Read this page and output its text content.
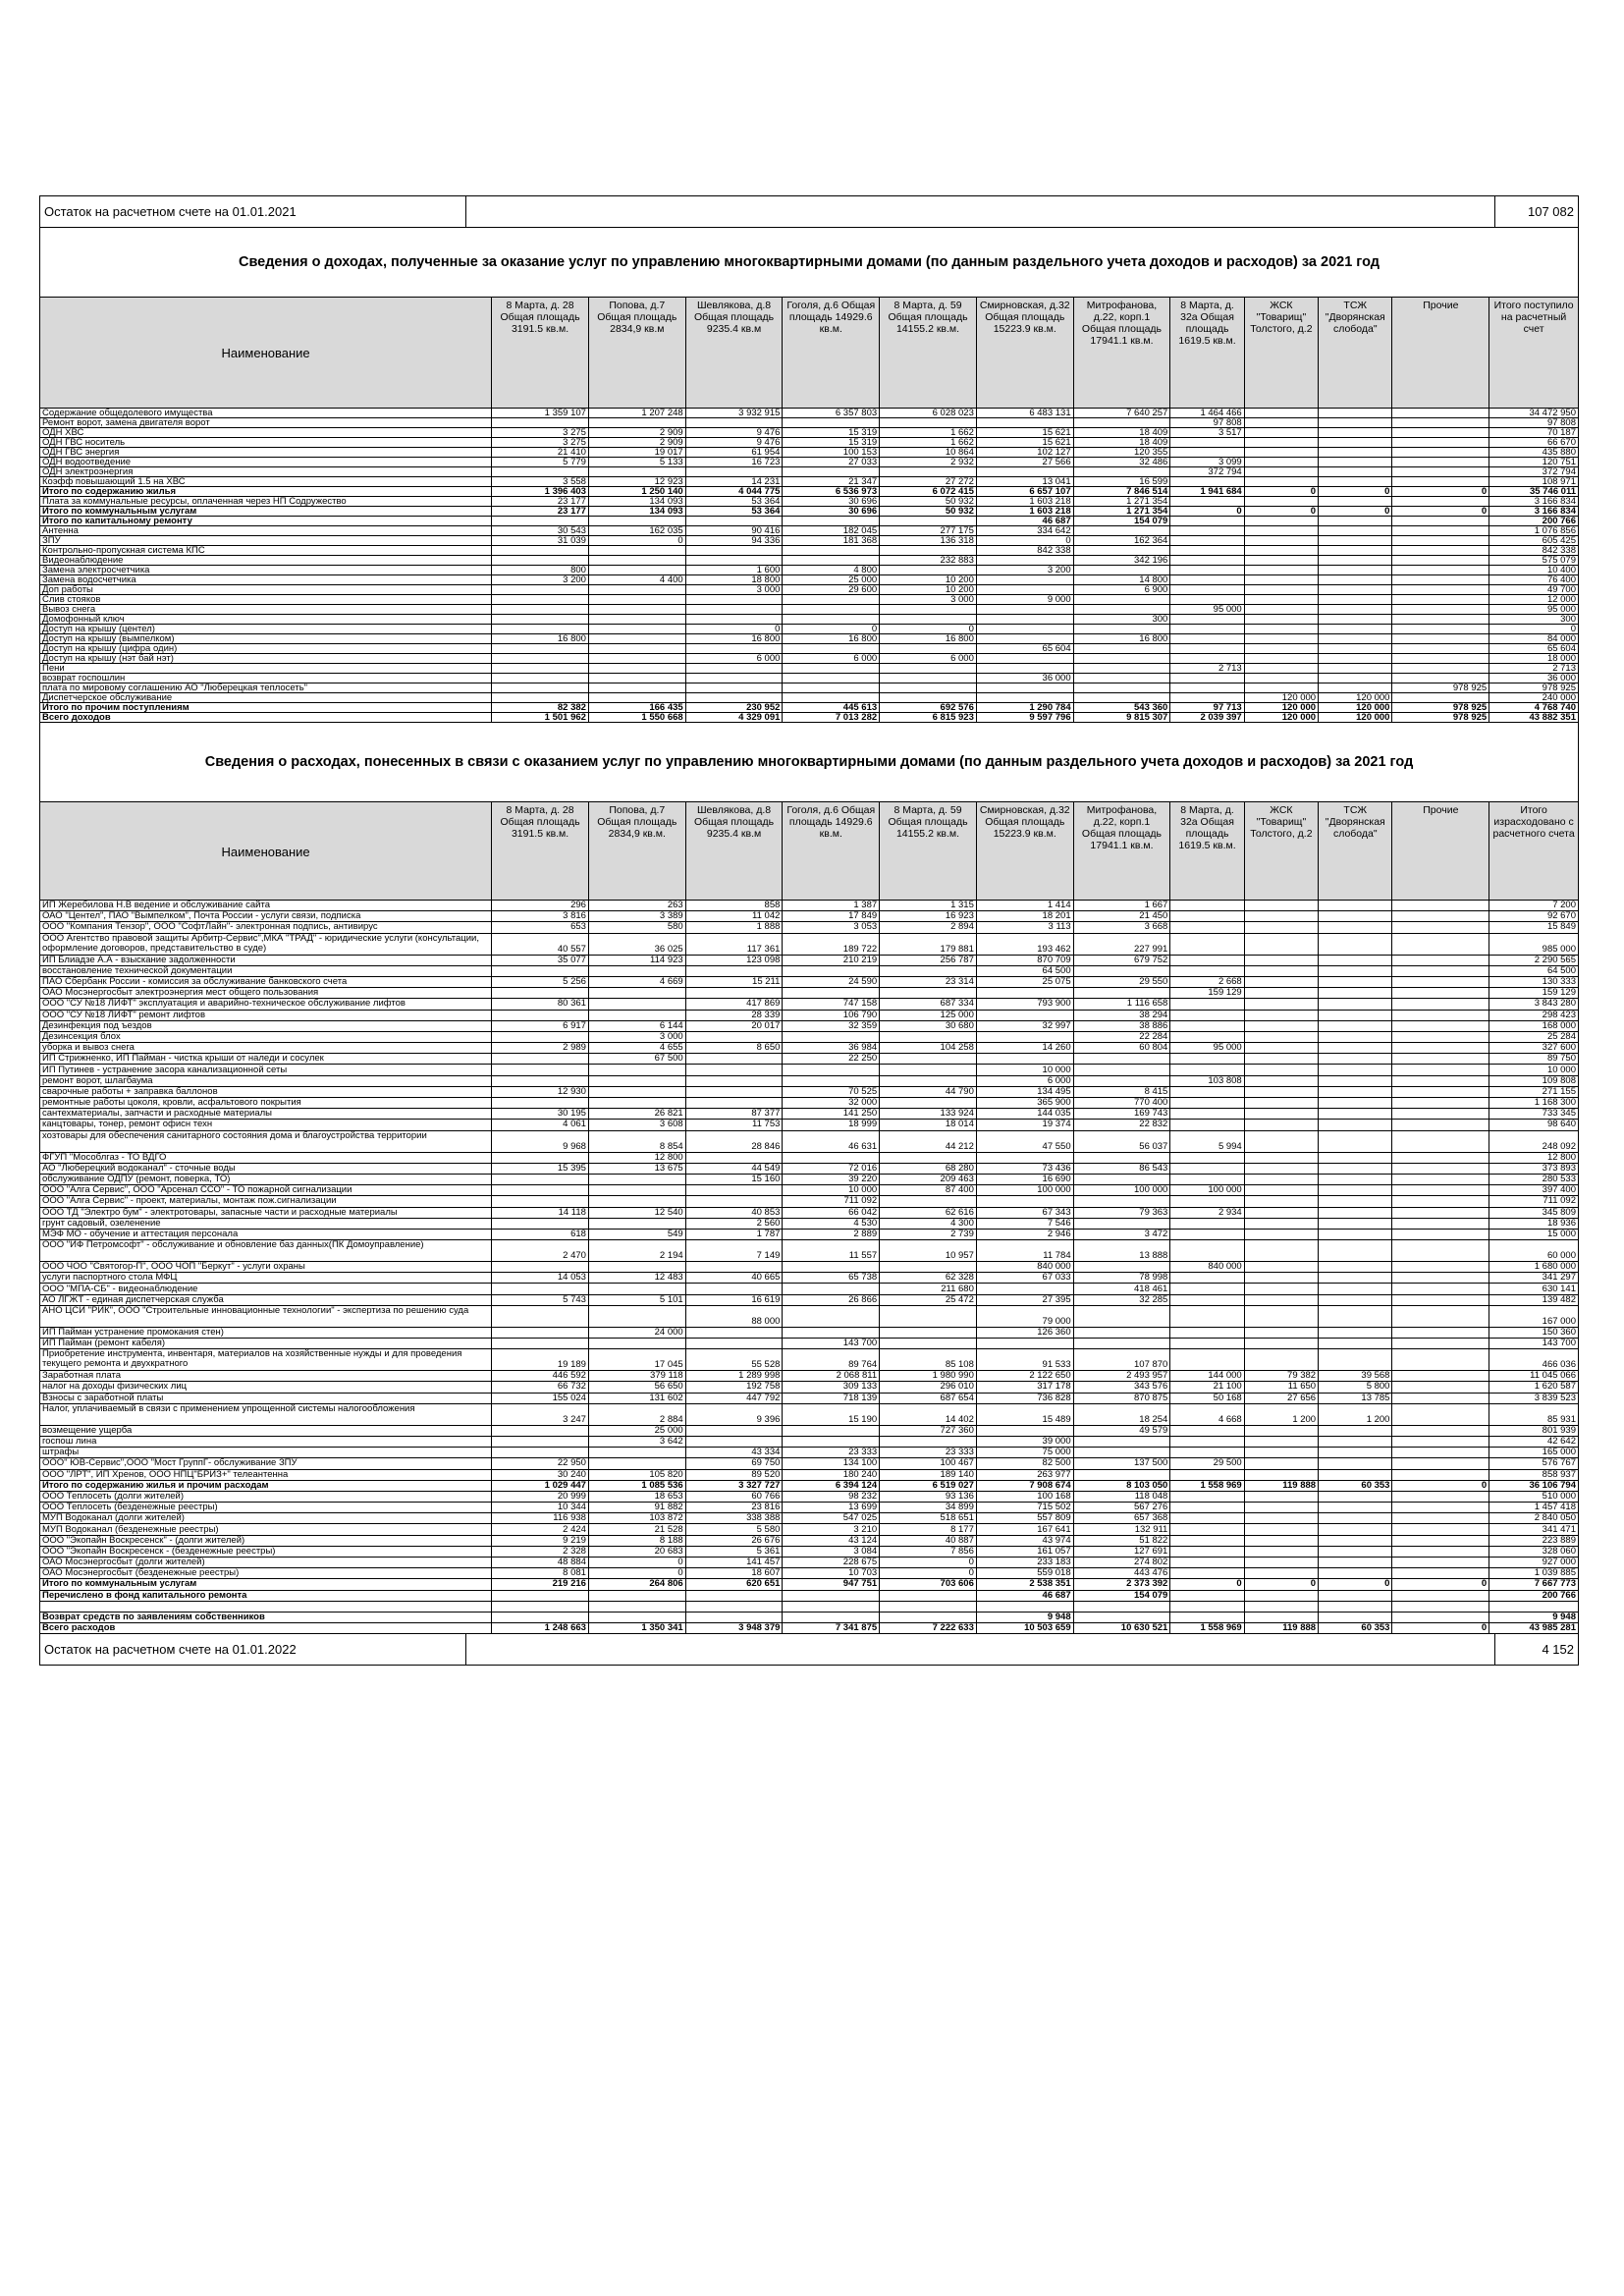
Остаток на расчетном счете на 01.01.2021	107 082
Сведения о доходах, полученные за оказание услуг по управлению многоквартирными домами (по данным раздельного учета доходов и расходов) за 2021 год
Наименование	8 Марта, д. 28 Общая площадь 3191.5 кв.м.	Попова, д.7 Общая площадь 2834,9 кв.м	Шевлякова, д.8 Общая площадь 9235.4 кв.м	Гоголя, д.6 Общая площадь 14929.6 кв.м.	8 Марта, д. 59 Общая площадь 14155.2 кв.м.	Смирновская, д.32 Общая площадь 15223.9 кв.м.	Митрофанова, д.22, корп.1 Общая площадь 17941.1 кв.м.	8 Марта, д. 32а Общая площадь 1619.5 кв.м.	ЖСК "Товарищ" Толстого, д.2	ТСЖ "Дворянская слобода"	Прочие	Итого поступило на расчетный счет
Содержание общедолевого имущества	1 359 107	1 207 248	3 932 915	6 357 803	6 028 023	6 483 131	7 640 257	1 464 466				34 472 950
Ремонт ворот, замена двигателя ворот								97 808				97 808
ОДН ХВС	3 275	2 909	9 476	15 319	1 662	15 621	18 409	3 517				70 187
ОДН ГВС носитель	3 275	2 909	9 476	15 319	1 662	15 621	18 409					66 670
ОДН ГВС энергия	21 410	19 017	61 954	100 153	10 864	102 127	120 355					435 880
ОДН водоотведение	5 779	5 133	16 723	27 033	2 932	27 566	32 486	3 099				120 751
ОДН электроэнергия								372 794				372 794
Коэфф повышающий 1.5 на ХВС	3 558	12 923	14 231	21 347	27 272	13 041	16 599					108 971
Итого по содержанию жилья	1 396 403	1 250 140	4 044 775	6 536 973	6 072 415	6 657 107	7 846 514	1 941 684	0	0	0	35 746 011
Плата за коммунальные ресурсы, оплаченная через НП Содружество	23 177	134 093	53 364	30 696	50 932	1 603 218	1 271 354					3 166 834
Итого по коммунальным услугам	23 177	134 093	53 364	30 696	50 932	1 603 218	1 271 354	0	0	0	0	3 166 834
Итого по капитальному ремонту						46 687	154 079					200 766
Антенна	30 543	162 035	90 416	182 045	277 175	334 642						1 076 856
ЗПУ	31 039	0	94 336	181 368	136 318	0	162 364					605 425
Контрольно-пропускная система КПС						842 338						842 338
Видеонаблюдение					232 883		342 196					575 079
Замена электросчетчика	800		1 600	4 800		3 200						10 400
Замена водосчетчика	3 200	4 400	18 800	25 000	10 200		14 800					76 400
Доп работы			3 000	29 600	10 200		6 900					49 700
Слив стояков					3 000	9 000						12 000
Вывоз снега								95 000				95 000
Домофонный ключ							300					300
Доступ на крышу (центел)			0	0	0							0
Доступ на крышу (вымпелком)	16 800		16 800	16 800	16 800		16 800					84 000
Доступ на крышу (цифра один)						65 604						65 604
Доступ на крышу (нэт бай нэт)			6 000	6 000	6 000							18 000
Пени								2 713				2 713
возврат госпошлин						36 000						36 000
плата по мировому соглашению АО "Люберецкая теплосеть"											978 925	978 925
Диспетчерское обслуживание									120 000	120 000		240 000
Итого по прочим поступлениям	82 382	166 435	230 952	445 613	692 576	1 290 784	543 360	97 713	120 000	120 000	978 925	4 768 740
Всего доходов	1 501 962	1 550 668	4 329 091	7 013 282	6 815 923	9 597 796	9 815 307	2 039 397	120 000	120 000	978 925	43 882 351
Сведения о расходах, понесенных в связи с оказанием услуг по управлению многоквартирными домами (по данным раздельного учета доходов и расходов) за 2021 год
Наименование	8 Марта, д. 28 Общая площадь 3191.5 кв.м.	Попова, д.7 Общая площадь 2834,9 кв.м.	Шевлякова, д.8 Общая площадь 9235.4 кв.м	Гоголя, д.6 Общая площадь 14929.6 кв.м.	8 Марта, д. 59 Общая площадь 14155.2 кв.м.	Смирновская, д.32 Общая площадь 15223.9 кв.м.	Митрофанова, д.22, корп.1 Общая площадь 17941.1 кв.м.	8 Марта, д. 32а Общая площадь 1619.5 кв.м.	ЖСК "Товарищ" Толстого, д.2	ТСЖ "Дворянская слобода"	Прочие	Итого израсходовано с расчетного счета
ИП Жеребилова Н.В ведение и обслуживание сайта	296	263	858	1 387	1 315	1 414	1 667					7 200
ОАО "Центел", ПАО "Вымпелком", Почта России - услуги связи, подписка	3 816	3 389	11 042	17 849	16 923	18 201	21 450					92 670
ООО "Компания Тензор", ООО "СофтЛайн"- электронная подпись, антивирус	653	580	1 888	3 053	2 894	3 113	3 668					15 849
ООО Агентство правовой защиты Арбитр-Сервис",МКА "ТРАД" - юридические услуги (консультации, оформление договоров, представительство в суде)	40 557	36 025	117 361	189 722	179 881	193 462	227 991					985 000
ИП Блиадзе А.А - взыскание задолженности	35 077	114 923	123 098	210 219	256 787	870 709	679 752					2 290 565
восстановление технической документации						64 500						64 500
ПАО Сбербанк России - комиссия за обслуживание банковского счета	5 256	4 669	15 211	24 590	23 314	25 075	29 550	2 668				130 333
ОАО Мосэнергосбыт электроэнергия мест общего пользования								159 129				159 129
ООО "СУ №18 ЛИФТ" эксплуатация и аварийно-техническое обслуживание лифтов	80 361		417 869	747 158	687 334	793 900	1 116 658					3 843 280
ООО "СУ №18 ЛИФТ" ремонт лифтов			28 339	106 790	125 000		38 294					298 423
Дезинфекция под ъездов	6 917	6 144	20 017	32 359	30 680	32 997	38 886					168 000
Дезинсекция блох		3 000					22 284					25 284
уборка и вывоз снега	2 989	4 655	8 650	36 984	104 258	14 260	60 804	95 000				327 600
ИП Стрижненко, ИП Пайман - чистка крыши от наледи и сосулек		67 500		22 250								89 750
ИП Путинев - устранение засора канализационной сеты						10 000						10 000
ремонт ворот, шлагбаума						6 000		103 808				109 808
сварочные работы + заправка баллонов	12 930			70 525	44 790	134 495	8 415					271 155
ремонтные работы цоколя, кровли, асфальтового покрытия				32 000		365 900	770 400					1 168 300
сантехматериалы, запчасти и расходные материалы	30 195	26 821	87 377	141 250	133 924	144 035	169 743					733 345
канцтовары, тонер, ремонт офисн техн	4 061	3 608	11 753	18 999	18 014	19 374	22 832					98 640
хозтовары для обеспечения санитарного состояния дома и благоустройства территории	9 968	8 854	28 846	46 631	44 212	47 550	56 037	5 994				248 092
ФГУП "Мособлгаз - ТО ВДГО		12 800										12 800
АО "Люберецкий водоканал" - сточные воды	15 395	13 675	44 549	72 016	68 280	73 436	86 543					373 893
обслуживание ОДПУ (ремонт, поверка, ТО)			15 160	39 220	209 463	16 690						280 533
ООО "Алга Сервис", ООО "Арсенал ССО" - ТО пожарной сигнализации				10 000	87 400	100 000	100 000	100 000				397 400
ООО "Алга Сервис" - проект, материалы, монтаж пож.сигнализации				711 092								711 092
ООО ТД "Электро бум" - электротовары, запасные части и расходные материалы	14 118	12 540	40 853	66 042	62 616	67 343	79 363	2 934				345 809
грунт садовый, озеленение			2 560	4 530	4 300	7 546						18 936
МЭФ МО - обучение и аттестация персонала	618	549	1 787	2 889	2 739	2 946	3 472					15 000
ООО "ИФ Петромсофт" - обслуживание и обновление баз данных(ПК Домоуправление)	2 470	2 194	7 149	11 557	10 957	11 784	13 888					60 000
ООО ЧОО "Святогор-П", ООО ЧОП "Беркут" - услуги охраны						840 000		840 000				1 680 000
услуги паспортного стола МФЦ	14 053	12 483	40 665	65 738	62 328	67 033	78 998					341 297
ООО "МПА-СБ" - видеонаблюдение					211 680		418 461					630 141
АО ЛГЖТ - единая диспетчерская служба	5 743	5 101	16 619	26 866	25 472	27 395	32 285					139 482
АНО ЦСИ "РИК", ООО "Строительные инновационные технологии" - экспертиза по решению суда			88 000			79 000						167 000
ИП Пайман устранение промокания стен)		24 000				126 360						150 360
ИП Пайман (ремонт кабеля)				143 700								143 700
Приобретение инструмента, инвентаря, материалов на хозяйственные нужды и для проведения текущего ремонта и двухкратного	19 189	17 045	55 528	89 764	85 108	91 533	107 870					466 036
Заработная плата	446 592	379 118	1 289 998	2 068 811	1 980 990	2 122 650	2 493 957	144 000	79 382	39 568		11 045 066
налог на доходы физических лиц	66 732	56 650	192 758	309 133	296 010	317 178	343 576	21 100	11 650	5 800		1 620 587
Взносы с заработной платы	155 024	131 602	447 792	718 139	687 654	736 828	870 875	50 168	27 656	13 785		3 839 523
Налог, уплачиваемый в связи с применением упрощенной системы налогообложения	3 247	2 884	9 396	15 190	14 402	15 489	18 254	4 668	1 200	1 200		85 931
возмещение ущерба		25 000			727 360		49 579					801 939
госпош лина		3 642				39 000						42 642
штрафы			43 334	23 333	23 333	75 000						165 000
ООО" ЮВ-Сервис",ООО "Мост ГруппГ- обслуживание ЗПУ	22 950		69 750	134 100	100 467	82 500	137 500	29 500				576 767
ООО "ЛРТ", ИП Хренов, ООО НПЦ"БРИЗ+" телеантенна	30 240	105 820	89 520	180 240	189 140	263 977						858 937
Итого по содержанию жилья и прочим расходам	1 029 447	1 085 536	3 327 727	6 394 124	6 519 027	7 908 674	8 103 050	1 558 969	119 888	60 353	0	36 106 794
ООО Теплосеть (долги жителей)	20 999	18 653	60 766	98 232	93 136	100 168	118 048					510 000
ООО Теплосеть (безденежные реестры)	10 344	91 882	23 816	13 699	34 899	715 502	567 276					1 457 418
МУП Водоканал (долги жителей)	116 938	103 872	338 388	547 025	518 651	557 809	657 368					2 840 050
МУП Водоканал (безденежные реестры)	2 424	21 528	5 580	3 210	8 177	167 641	132 911					341 471
ООО "Экопайн Воскресенск" - (долги жителей)	9 219	8 188	26 676	43 124	40 887	43 974	51 822					223 889
ООО "Экопайн Воскресенск - (безденежные реестры)	2 328	20 683	5 361	3 084	7 856	161 057	127 691					328 060
ОАО Мосэнергосбыт (долги жителей)	48 884	0	141 457	228 675	0	233 183	274 802					927 000
ОАО Мосэнергосбыт (безденежные реестры)	8 081	0	18 607	10 703	0	559 018	443 476					1 039 885
Итого по коммунальным услугам	219 216	264 806	620 651	947 751	703 606	2 538 351	2 373 392	0	0	0	0	7 667 773
Перечислено в фонд капитального ремонта						46 687	154 079					200 766

Возврат средств по заявлениям собственников						9 948						9 948
Всего расходов	1 248 663	1 350 341	3 948 379	7 341 875	7 222 633	10 503 659	10 630 521	1 558 969	119 888	60 353	0	43 985 281
Остаток на расчетном счете на 01.01.2022	4 152
